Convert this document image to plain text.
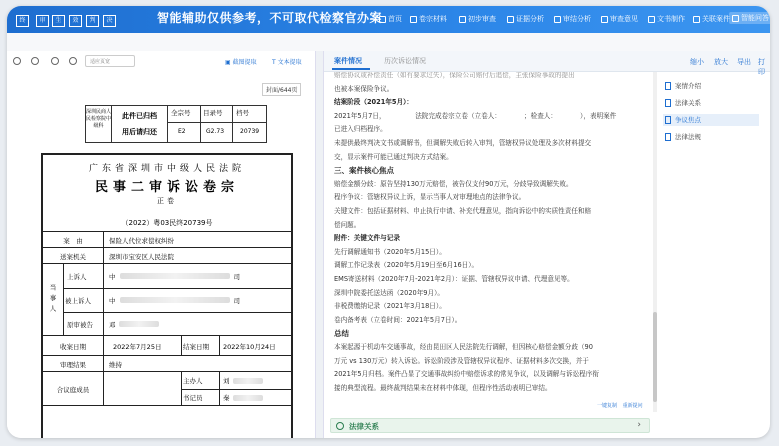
终	审	生	效	判	决	智能辅助仅供参考，不可取代检察官办案 首页 卷宗材料	初步审查	证据分析	审结分析	审查意见	文书制作 关联案件 智能问答
适应页宽	▣ 截图提取	T 文本提取
封面/644页
深圳民商人民检察院中级科
此件已归档
用后请归还
全宗号 目录号 档号
E2	G2.73	20739
广东省深圳市中级人民法院
民事二审诉讼卷宗
正卷
（2022）粤03民终20739号
案　由	保险人代位求偿权纠纷
送案机关	深圳市宝安区人民法院
当事人
上诉人	中	司
被上诉人	中	司
原审被告 邓
收案日期	2022年7月25日	结案日期 2022年10月24日
审理结果	维持
合议庭成员
主办人	刘
书记员	秦
案件情况	历次诉讼情况	缩小 放大 导出 打印
赔偿协议或补偿责任（如有要求过失），保险公司赔付后追偿，主张保险事故的提出
也被本案保险争议。
结案阶段（2021年5月）：
2021年5月7日，　　　　　法院完成卷宗立卷（立卷人：　　　　；检查人：　　　　），表明案件
已进入归档程序。
未提供最终判决文书或调解书，但调解失败后转入审判，管辖权异议处理及多次材料提交
交，显示案件可能已通过判决方式结案。
三、案件核心焦点
赔偿金额分歧：原告坚持130万元赔偿，被告仅支付90万元，分歧导致调解失败。
程序争议：管辖权异议上诉，显示当事人对审理地点的法律争议。
关键文件：包括证据材料、申止执行申请、补充代理意见，指向诉讼中的实质性责任和赔
偿问题。
附件：关键文件与记录
先行调解通知书（2020年5月15日）。
调解工作记录表（2020年5月19日至6月16日）。
EMS寄送材料（2020年7月-2021年2月）：证据、管辖权异议申请、代理意见等。
深圳中院委托送达函（2020年9月）。
非税费缴纳记录（2021年3月18日）。
卷内备考表（立卷时间：2021年5月7日）。
总结
本案起源于机动车交通事故，经由昆田区人民法院先行调解，但因核心赔偿金额分歧（90
万元 vs 130万元）转入诉讼。诉讼阶段涉及管辖权异议程序、证据材料多次交换，并于
2021年5月归档。案件凸显了交通事故纠纷中赔偿诉求的常见争议，以及调解与诉讼程序衔
接的典型流程。最终裁判结果未在材料中体现，但程序性活动表明已审结。
一键复制 重新提问
案情介绍
法律关系
争议焦点
法律法规
法律关系	›
